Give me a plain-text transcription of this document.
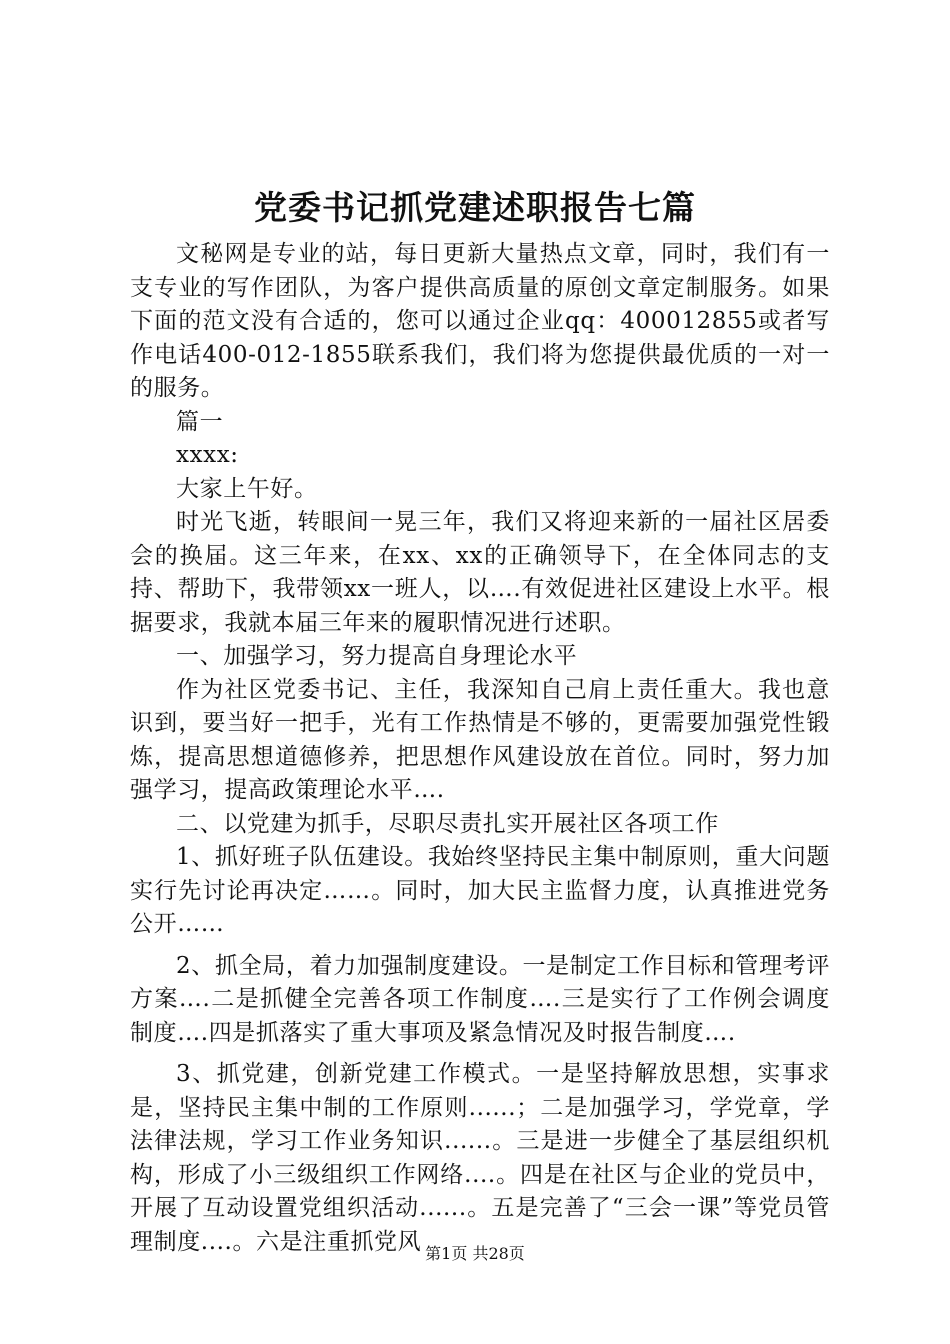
党委书记抓党建述职报告七篇

文秘网是专业的站，每日更新大量热点文章，同时，我们有一支专业的写作团队，为客户提供高质量的原创文章定制服务。如果下面的范文没有合适的，您可以通过企业qq：400012855或者写作电话400-012-1855联系我们，我们将为您提供最优质的一对一的服务。

篇一

xxxx:

大家上午好。

时光飞逝，转眼间一晃三年，我们又将迎来新的一届社区居委会的换届。这三年来，在xx、xx的正确领导下，在全体同志的支持、帮助下，我带领xx一班人，以….有效促进社区建设上水平。根据要求，我就本届三年来的履职情况进行述职。

一、加强学习，努力提高自身理论水平

作为社区党委书记、主任，我深知自己肩上责任重大。我也意识到，要当好一把手，光有工作热情是不够的，更需要加强党性锻炼，提高思想道德修养，把思想作风建设放在首位。同时，努力加强学习，提高政策理论水平….

二、以党建为抓手，尽职尽责扎实开展社区各项工作

1、抓好班子队伍建设。我始终坚持民主集中制原则，重大问题实行先讨论再决定……。同时，加大民主监督力度，认真推进党务公开……

2、抓全局，着力加强制度建设。一是制定工作目标和管理考评方案….二是抓健全完善各项工作制度….三是实行了工作例会调度制度….四是抓落实了重大事项及紧急情况及时报告制度….

3、抓党建，创新党建工作模式。一是坚持解放思想，实事求是，坚持民主集中制的工作原则......；二是加强学习，学党章，学法律法规，学习工作业务知识......。三是进一步健全了基层组织机构，形成了小三级组织工作网络....。四是在社区与企业的党员中，开展了互动设置党组织活动......。五是完善了“三会一课”等党员管理制度....。六是注重抓党风 第1页 共28页
